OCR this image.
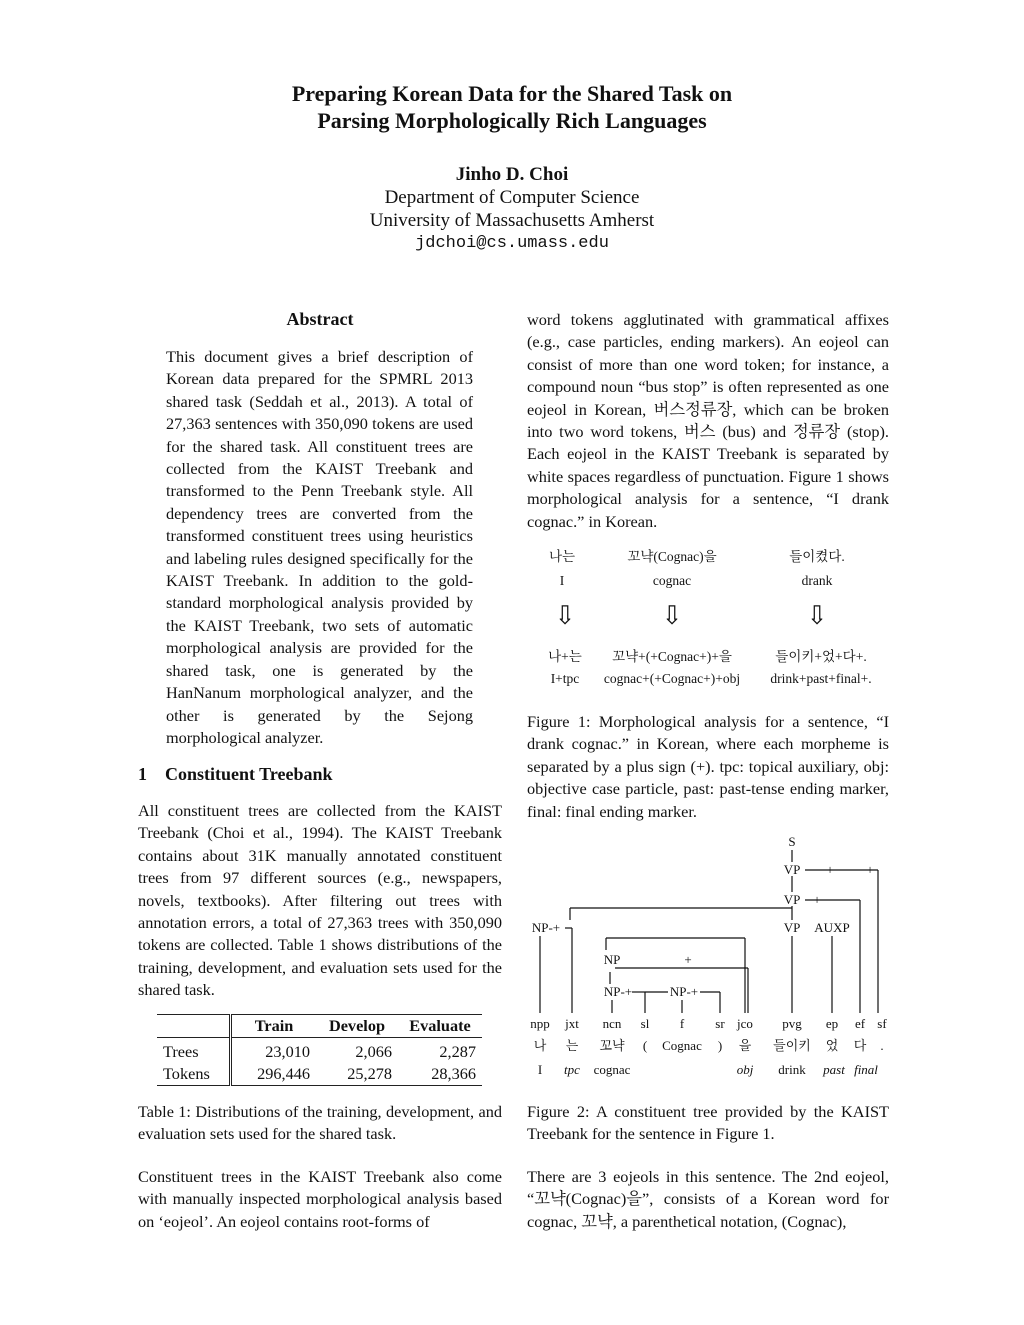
Preparing Korean Data for the Shared Task on
Parsing Morphologically Rich Languages
Jinho D. Choi
Department of Computer Science
University of Massachusetts Amherst
jdchoi@cs.umass.edu
Abstract
This document gives a brief description of Korean data prepared for the SPMRL 2013 shared task (Seddah et al., 2013). A total of 27,363 sentences with 350,090 tokens are used for the shared task. All constituent trees are collected from the KAIST Treebank and transformed to the Penn Treebank style. All dependency trees are converted from the transformed constituent trees using heuristics and labeling rules designed specifically for the KAIST Treebank. In addition to the gold-standard morphological analysis provided by the KAIST Treebank, two sets of automatic morphological analysis are provided for the shared task, one is generated by the HanNanum morphological analyzer, and the other is generated by the Sejong morphological analyzer.
1    Constituent Treebank
All constituent trees are collected from the KAIST Treebank (Choi et al., 1994). The KAIST Treebank contains about 31K manually annotated constituent trees from 97 different sources (e.g., newspapers, novels, textbooks). After filtering out trees with annotation errors, a total of 27,363 trees with 350,090 tokens are collected. Table 1 shows distributions of the training, development, and evaluation sets used for the shared task.
	Train	Develop	Evaluate
Trees	23,010	2,066	2,287
Tokens	296,446	25,278	28,366
Table 1: Distributions of the training, development, and evaluation sets used for the shared task.
Constituent trees in the KAIST Treebank also come with manually inspected morphological analysis based on ‘eojeol’. An eojeol contains root-forms of
word tokens agglutinated with grammatical affixes (e.g., case particles, ending markers). An eojeol can consist of more than one word token; for instance, a compound noun “bus stop” is often represented as one eojeol in Korean, 버스정류장, which can be broken into two word tokens, 버스 (bus) and 정류장 (stop). Each eojeol in the KAIST Treebank is separated by white spaces regardless of punctuation. Figure 1 shows morphological analysis for a sentence, “I drank cognac.” in Korean.
나는	꼬냑(Cognac)을	들이켰다.
I	cognac	drank
⇩	⇩	⇩
나+는	꼬냑+(+Cognac+)+을	들이키+었+다+.
I+tpc	cognac+(+Cognac+)+obj	drink+past+final+.
Figure 1: Morphological analysis for a sentence, “I drank cognac.” in Korean, where each morpheme is separated by a plus sign (+). tpc: topical auxiliary, obj: objective case particle, past: past-tense ending marker, final: final ending marker.
S
VP +	+
VP +
NP-+	VP AUXP
NP	+
NP-+	NP-+
npp jxt ncn sl f sr jco pvg ep ef sf
나 는 꼬냑 ( Cognac ) 을 들이키 었 다 .
I tpc cognac	obj drink past final
Figure 2: A constituent tree provided by the KAIST Treebank for the sentence in Figure 1.
There are 3 eojeols in this sentence. The 2nd eojeol, “꼬냑(Cognac)을”, consists of a Korean word for cognac, 꼬냑, a parenthetical notation, (Cognac),
